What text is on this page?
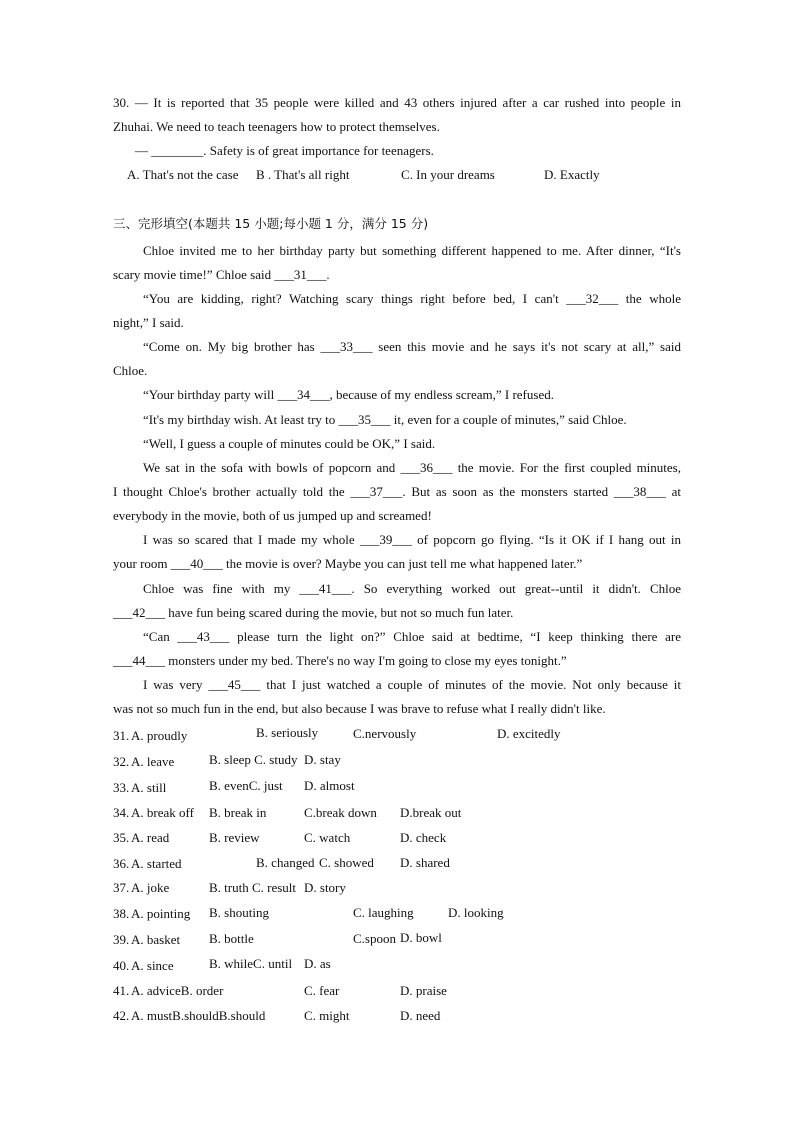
30. — It is reported that 35 people were killed and 43 others injured after a car rushed into people in
Zhuhai. We need to teach teenagers how to protect themselves.
— ________. Safety is of great importance for teenagers.
A. That's not the case B . That's all right	C. In your dreams	D. Exactly
三、完形填空(本题共 15 小题;每小题 1 分，满分 15 分)
Chloe invited me to her birthday party but something different happened to me. After dinner, “It's
scary movie time!” Chloe said ___31___.
“You are kidding, right? Watching scary things right before bed, I can't ___32___ the whole
night,” I said.
“Come on. My big brother has ___33___ seen this movie and he says it's not scary at all,” said
Chloe.
“Your birthday party will ___34___, because of my endless scream,” I refused.
“It's my birthday wish. At least try to ___35___ it, even for a couple of minutes,” said Chloe.
“Well, I guess a couple of minutes could be OK,” I said.
We sat in the sofa with bowls of popcorn and ___36___ the movie. For the first coupled minutes,
I thought Chloe's brother actually told the ___37___. But as soon as the monsters started ___38___ at
everybody in the movie, both of us jumped up and screamed!
I was so scared that I made my whole ___39___ of popcorn go flying. “Is it OK if I hang out in
your room ___40___ the movie is over? Maybe you can just tell me what happened later.”
Chloe was fine with my ___41___. So everything worked out great--until it didn't. Chloe
___42___ have fun being scared during the movie, but not so much fun later.
“Can ___43___ please turn the light on?” Chloe said at bedtime, “I keep thinking there are
___44___ monsters under my bed. There's no way I'm going to close my eyes tonight.”
I was very ___45___ that I just watched a couple of minutes of the movie. Not only because it
was not so much fun in the end, but also because I was brave to refuse what I really didn't like.
31. A. proudly	B. seriously	C.nervously	D. excitedly
32. A. leave	B. sleep C. study D. stay
33. A. still	B. evenC. just D. almost
34. A. break off B. break in	C.break down D.break out
35. A. read	B. review	C. watch	D. check
36. A. started	B. changed C. showed D. shared
37. A. joke	B. truth C. result D. story
38. A. pointing B. shouting	C. laughing	D. looking
39. A. basket B. bottle	C.spoon D. bowl
40. A. since	B. whileC. until D. as
41. A. adviceB. order	C. fear	D. praise
42. A. mustB.shouldB.should	C. might	D. need
